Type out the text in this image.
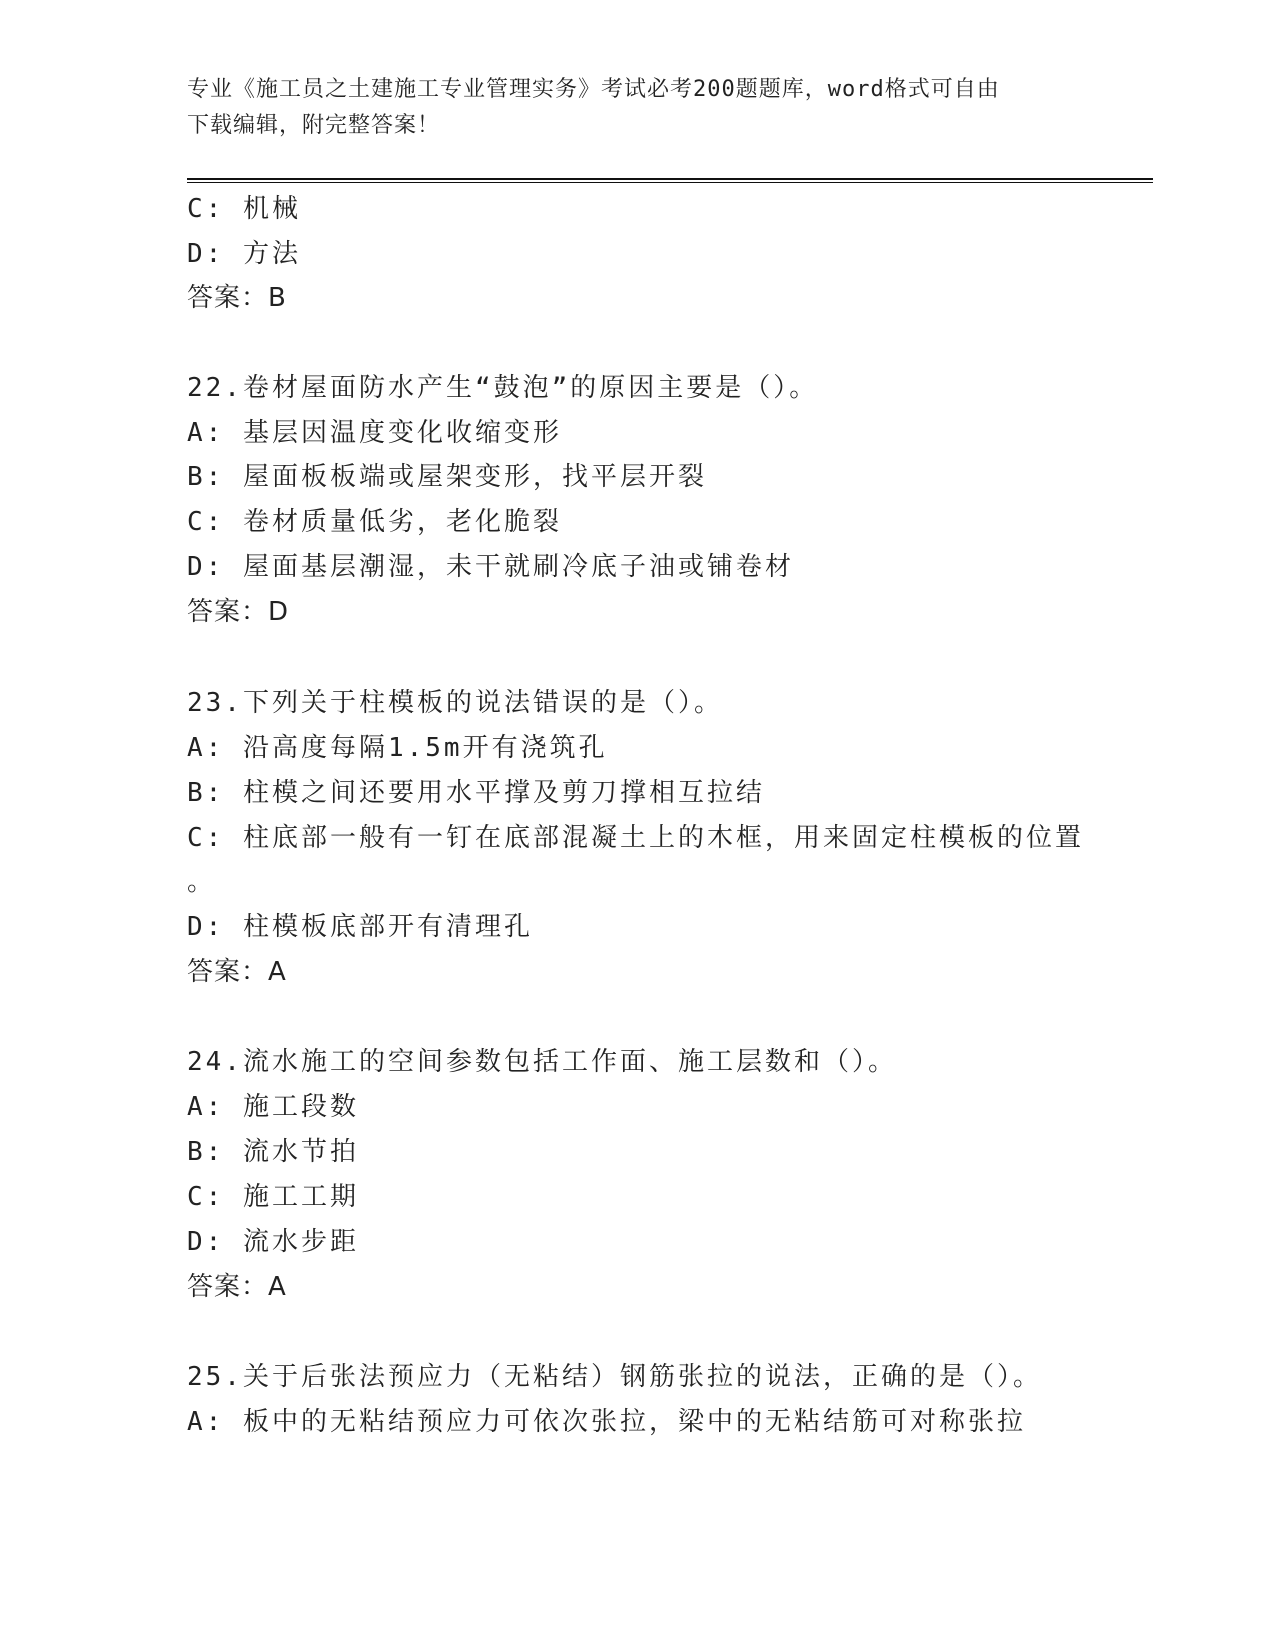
专业《施工员之土建施工专业管理实务》考试必考200题题库，word格式可自由
下载编辑，附完整答案！
C: 机械
D: 方法
答案：B
22.卷材屋面防水产生“鼓泡”的原因主要是（）。
A: 基层因温度变化收缩变形
B: 屋面板板端或屋架变形，找平层开裂
C: 卷材质量低劣，老化脆裂
D: 屋面基层潮湿，未干就刷冷底子油或铺卷材
答案：D
23.下列关于柱模板的说法错误的是（）。
A: 沿高度每隔1.5m开有浇筑孔
B: 柱模之间还要用水平撑及剪刀撑相互拉结
C: 柱底部一般有一钉在底部混凝土上的木框，用来固定柱模板的位置
。
D: 柱模板底部开有清理孔
答案：A
24.流水施工的空间参数包括工作面、施工层数和（）。
A: 施工段数
B: 流水节拍
C: 施工工期
D: 流水步距
答案：A
25.关于后张法预应力（无粘结）钢筋张拉的说法，正确的是（）。
A: 板中的无粘结预应力可依次张拉，梁中的无粘结筋可对称张拉
